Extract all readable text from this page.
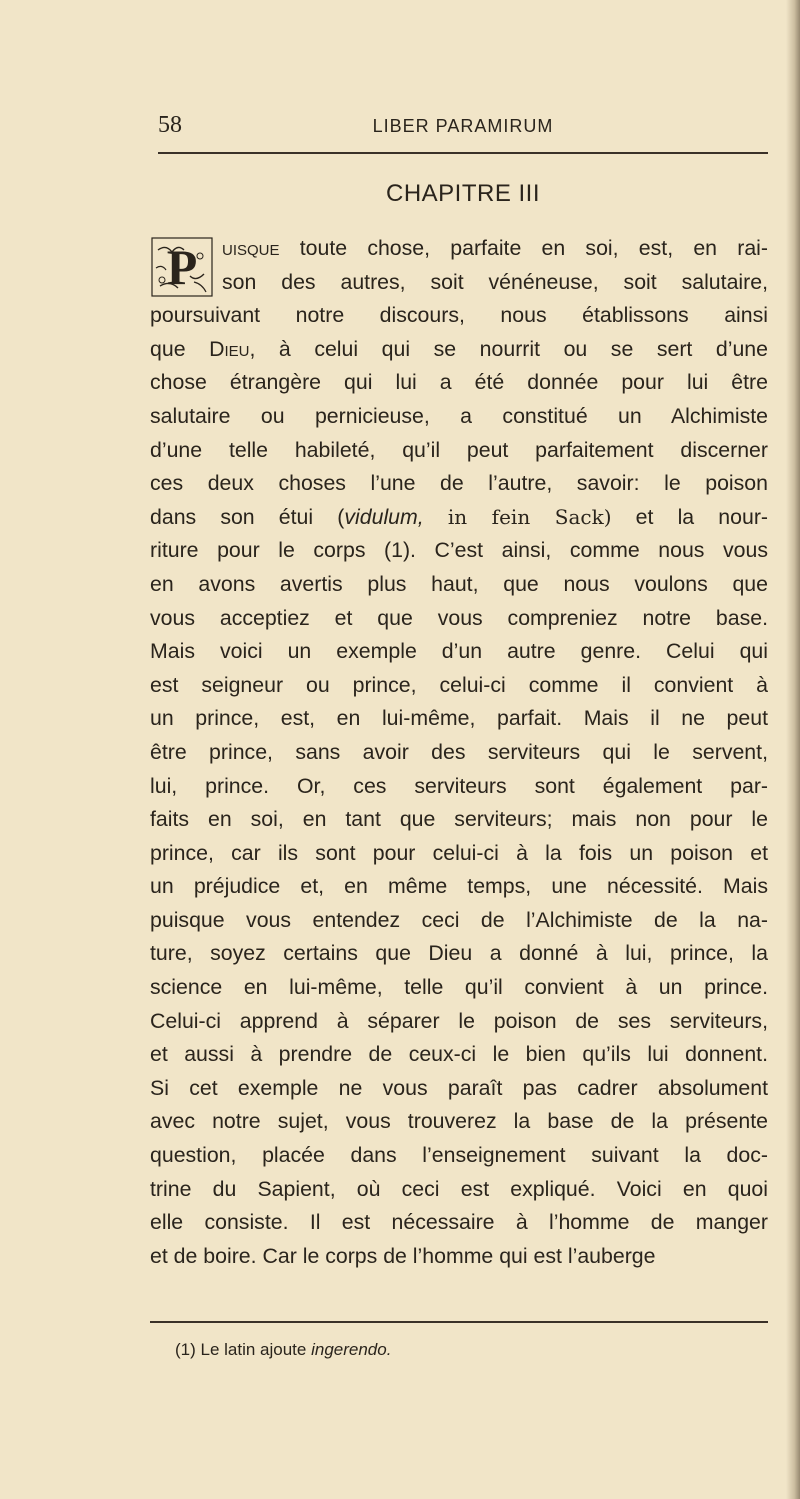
58	LIBER PARAMIRUM
CHAPITRE III
P	uisque toute chose, parfaite en soi, est, en rai-
son des autres, soit vénéneuse, soit salutaire,
poursuivant notre discours, nous établissons ainsi
que Dieu, à celui qui se nourrit ou se sert d’une
chose étrangère qui lui a été donnée pour lui être
salutaire ou pernicieuse, a constitué un Alchimiste
d’une telle habileté, qu’il peut parfaitement discerner
ces deux choses l’une de l’autre, savoir: le poison
dans son étui (vidulum, in fein Sack) et la nour-
riture pour le corps (1). C’est ainsi, comme nous vous
en avons avertis plus haut, que nous voulons que
vous acceptiez et que vous compreniez notre base.
Mais voici un exemple d’un autre genre. Celui qui
est seigneur ou prince, celui-ci comme il convient à
un prince, est, en lui-même, parfait. Mais il ne peut
être prince, sans avoir des serviteurs qui le servent,
lui, prince. Or, ces serviteurs sont également par-
faits en soi, en tant que serviteurs; mais non pour le
prince, car ils sont pour celui-ci à la fois un poison et
un préjudice et, en même temps, une nécessité. Mais
puisque vous entendez ceci de l’Alchimiste de la na-
ture, soyez certains que Dieu a donné à lui, prince, la
science en lui-même, telle qu’il convient à un prince.
Celui-ci apprend à séparer le poison de ses serviteurs,
et aussi à prendre de ceux-ci le bien qu’ils lui donnent.
Si cet exemple ne vous paraît pas cadrer absolument
avec notre sujet, vous trouverez la base de la présente
question, placée dans l’enseignement suivant la doc-
trine du Sapient, où ceci est expliqué. Voici en quoi
elle consiste. Il est nécessaire à l’homme de manger
et de boire. Car le corps de l’homme qui est l’auberge
(1) Le latin ajoute ingerendo.
